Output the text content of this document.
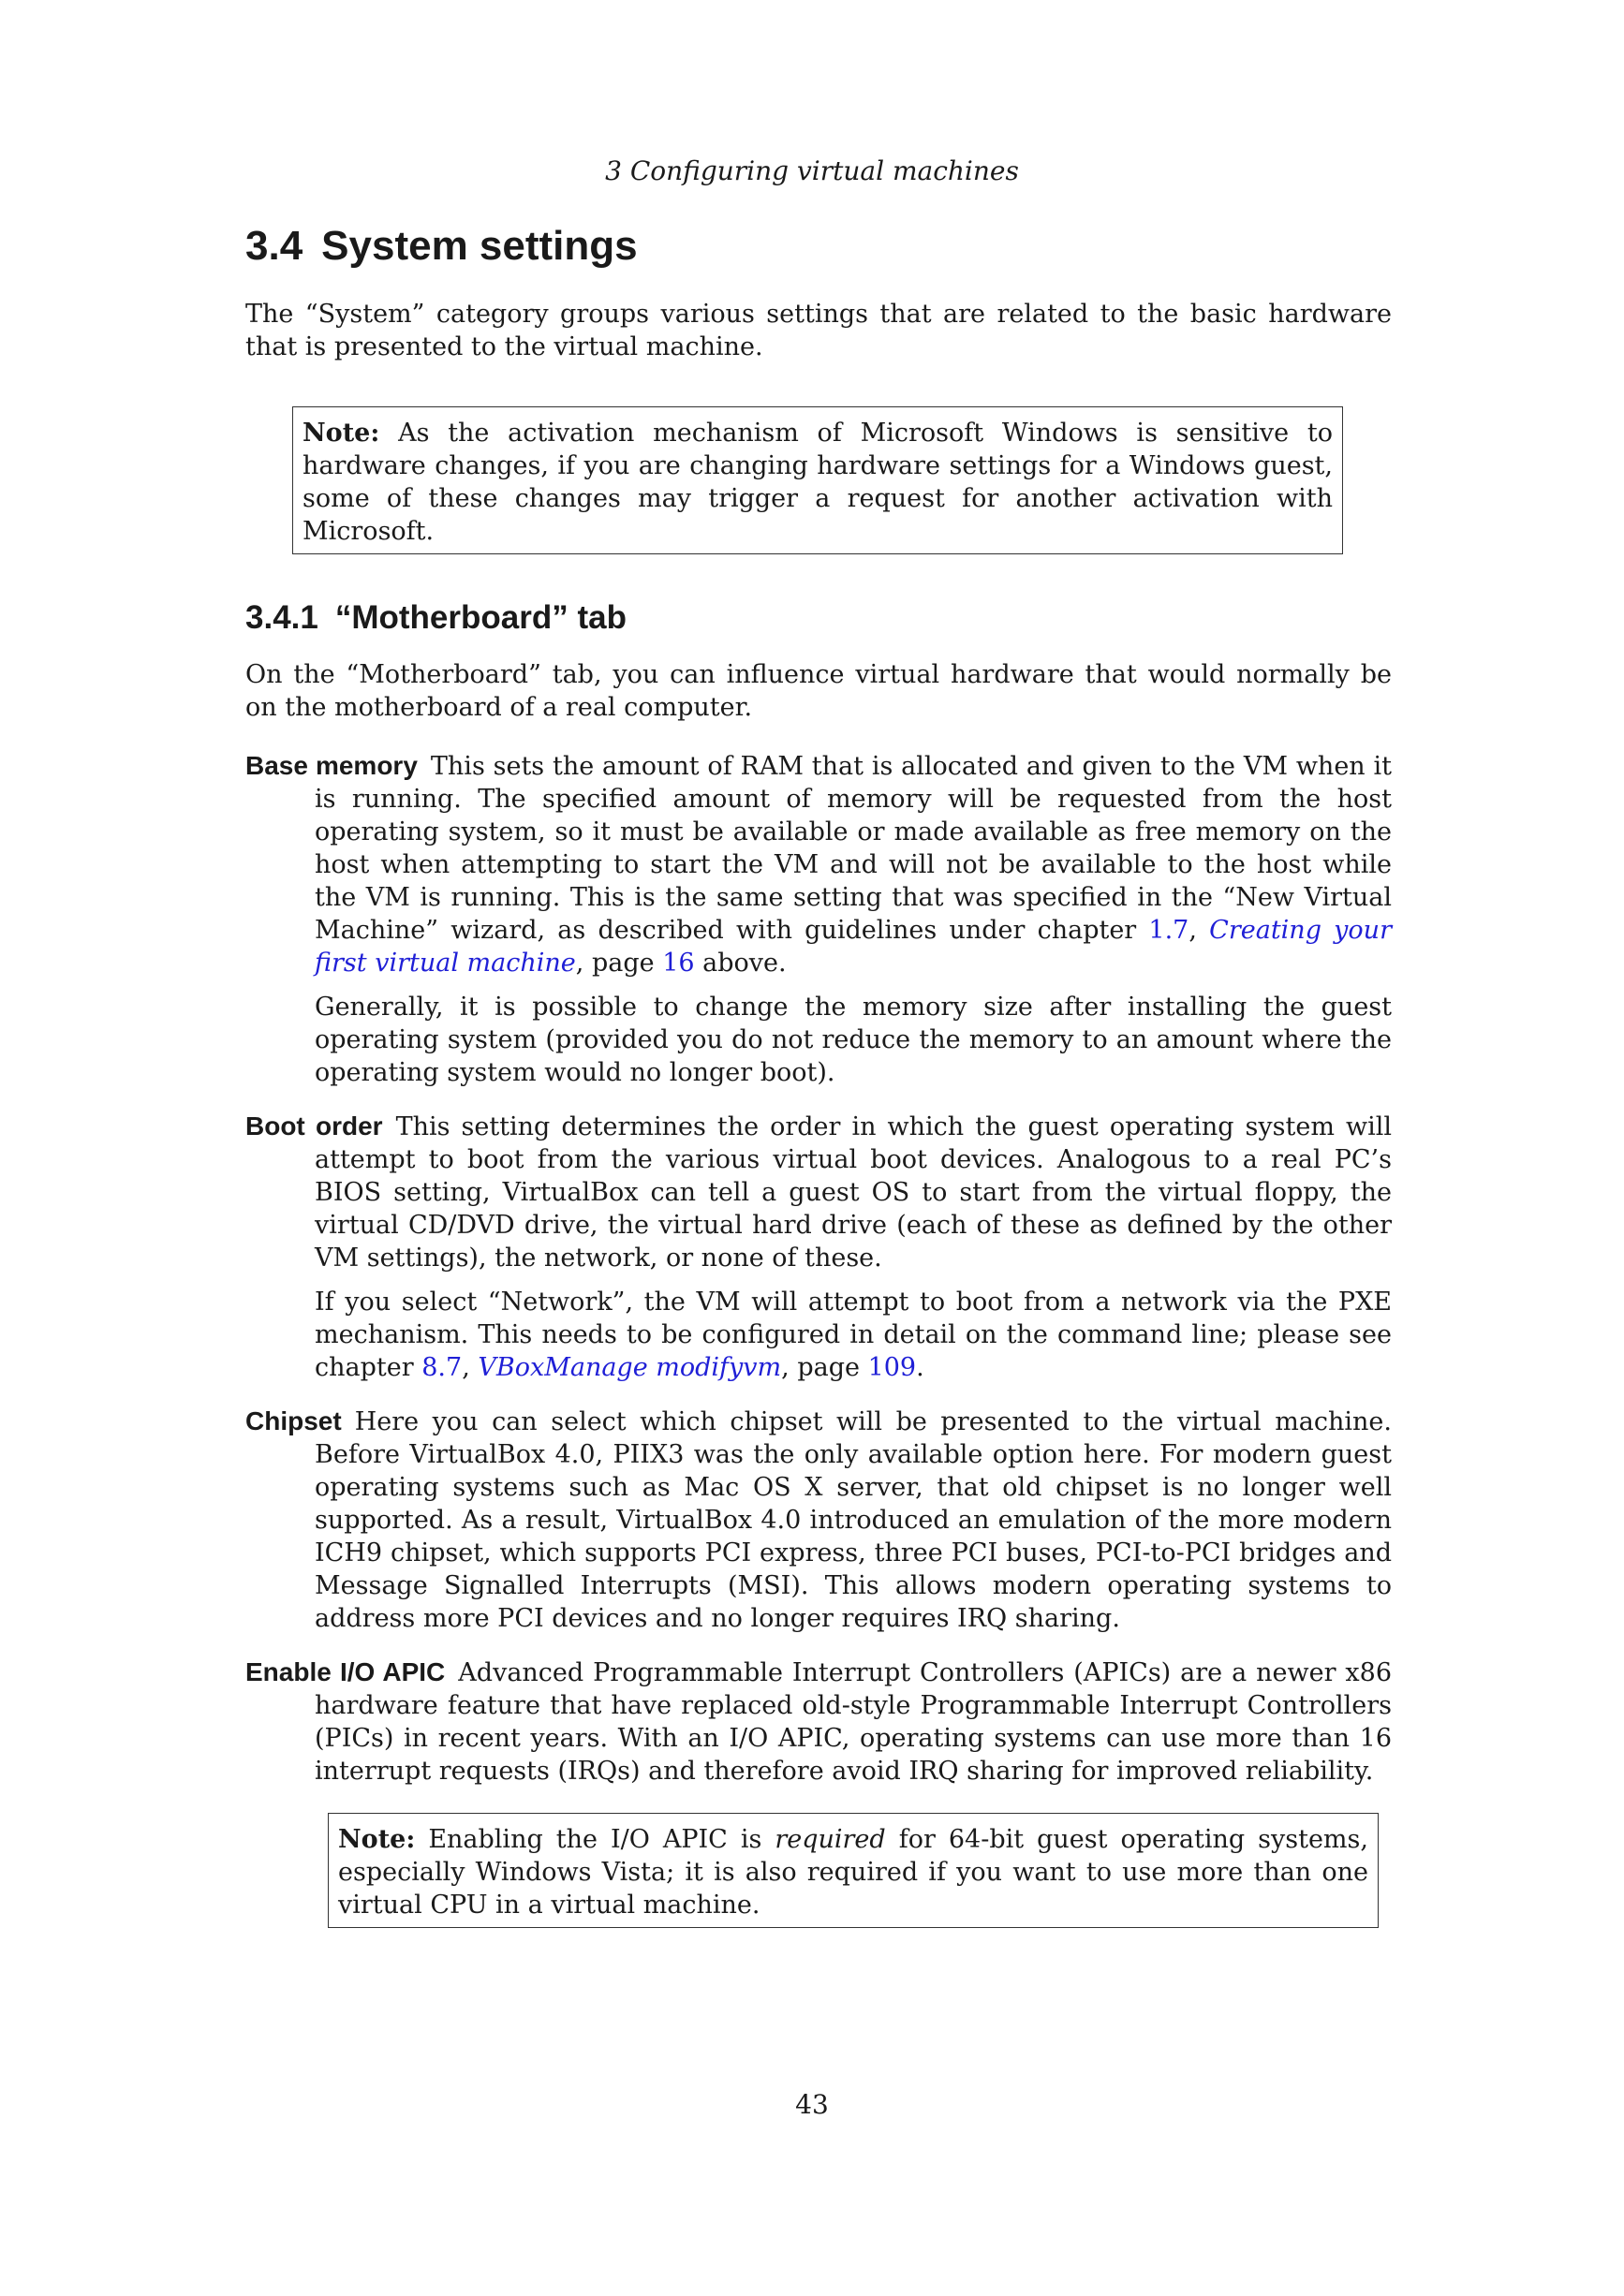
3 Configuring virtual machines
3.4 System settings

The “System” category groups various settings that are related to the basic hardware that is presented to the virtual machine.

Note: As the activation mechanism of Microsoft Windows is sensitive to hardware changes, if you are changing hardware settings for a Windows guest, some of these changes may trigger a request for another activation with Microsoft.

3.4.1 “Motherboard” tab

On the “Motherboard” tab, you can influence virtual hardware that would normally be on the motherboard of a real computer.

Base memory This sets the amount of RAM that is allocated and given to the VM when it is running. The specified amount of memory will be requested from the host operating system, so it must be available or made available as free memory on the host when attempting to start the VM and will not be available to the host while the VM is running. This is the same setting that was specified in the “New Virtual Machine” wizard, as described with guidelines under chapter 1.7, Creating your first virtual machine, page 16 above.

Generally, it is possible to change the memory size after installing the guest operating system (provided you do not reduce the memory to an amount where the operating system would no longer boot).

Boot order This setting determines the order in which the guest operating system will attempt to boot from the various virtual boot devices. Analogous to a real PC’s BIOS setting, VirtualBox can tell a guest OS to start from the virtual floppy, the virtual CD/DVD drive, the virtual hard drive (each of these as defined by the other VM settings), the network, or none of these.

If you select “Network”, the VM will attempt to boot from a network via the PXE mechanism. This needs to be configured in detail on the command line; please see chapter 8.7, VBoxManage modifyvm, page 109.

Chipset Here you can select which chipset will be presented to the virtual machine. Before VirtualBox 4.0, PIIX3 was the only available option here. For modern guest operating systems such as Mac OS X server, that old chipset is no longer well supported. As a result, VirtualBox 4.0 introduced an emulation of the more modern ICH9 chipset, which supports PCI express, three PCI buses, PCI-to-PCI bridges and Message Signalled Interrupts (MSI). This allows modern operating systems to address more PCI devices and no longer requires IRQ sharing.

Enable I/O APIC Advanced Programmable Interrupt Controllers (APICs) are a newer x86 hardware feature that have replaced old-style Programmable Interrupt Controllers (PICs) in recent years. With an I/O APIC, operating systems can use more than 16 interrupt requests (IRQs) and therefore avoid IRQ sharing for improved reliability.

Note: Enabling the I/O APIC is required for 64-bit guest operating systems, especially Windows Vista; it is also required if you want to use more than one virtual CPU in a virtual machine.

43
